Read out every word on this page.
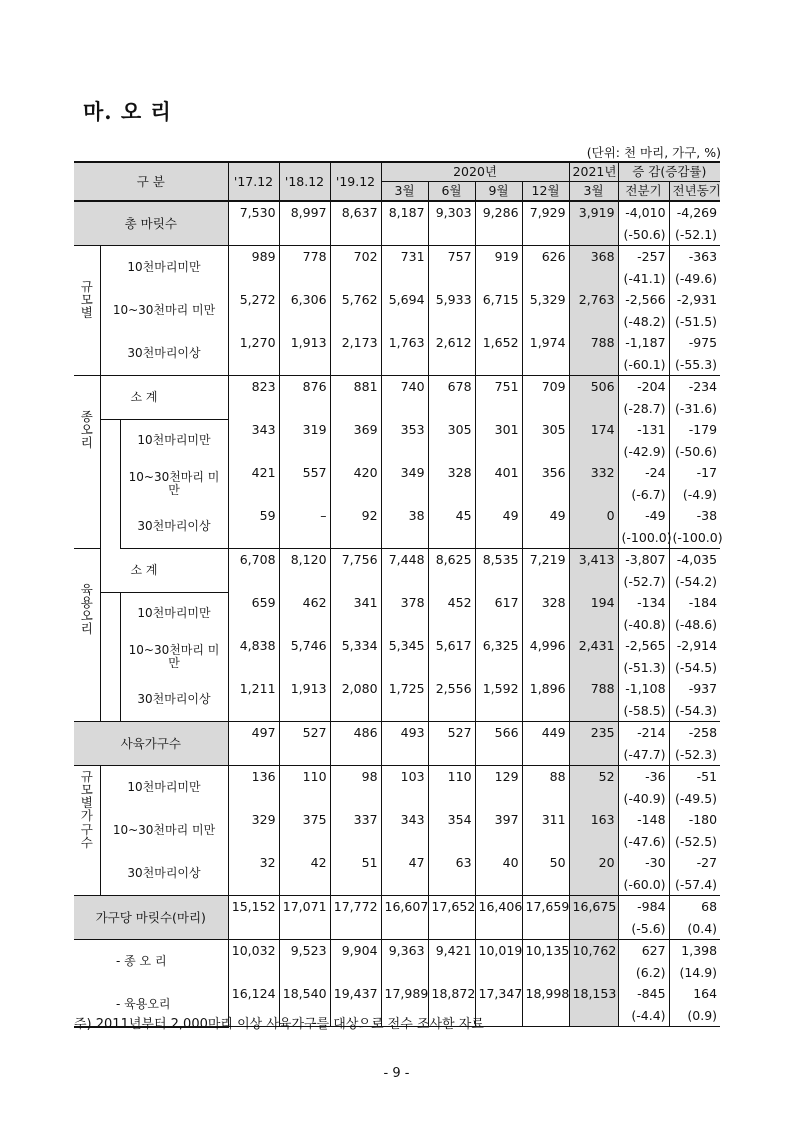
마. 오 리
(단위: 천 마리, 가구, %)
구 분			'17.12	'18.12	'19.12	2020년				2021년	증 감(증감률)	
						3월	6월	9월	12월	3월	전분기	전년동기
총 마릿수			7,530	8,997	8,637	8,187	9,303	9,286	7,929	3,919	-4,010	-4,269
											(-50.6)	(-52.1)
규 모 별	10천마리미만		989	778	702	731	757	919	626	368	-257	-363
											(-41.1)	(-49.6)
	10~30천마리 미만		5,272	6,306	5,762	5,694	5,933	6,715	5,329	2,763	-2,566	-2,931
											(-48.2)	(-51.5)
	30천마리이상		1,270	1,913	2,173	1,763	2,612	1,652	1,974	788	-1,187	-975
											(-60.1)	(-55.3)
종 오 리	소 계		823	876	881	740	678	751	709	506	-204	-234
											(-28.7)	(-31.6)
		10천마리미만	343	319	369	353	305	301	305	174	-131	-179
											(-42.9)	(-50.6)
		10~30천마리 미만	421	557	420	349	328	401	356	332	-24	-17
											(-6.7)	(-4.9)
		30천마리이상	59	–	92	38	45	49	49	0	-49	-38
											(-100.0)	(-100.0)
육 용 오 리	소 계		6,708	8,120	7,756	7,448	8,625	8,535	7,219	3,413	-3,807	-4,035
											(-52.7)	(-54.2)
		10천마리미만	659	462	341	378	452	617	328	194	-134	-184
											(-40.8)	(-48.6)
		10~30천마리 미만	4,838	5,746	5,334	5,345	5,617	6,325	4,996	2,431	-2,565	-2,914
											(-51.3)	(-54.5)
		30천마리이상	1,211	1,913	2,080	1,725	2,556	1,592	1,896	788	-1,108	-937
											(-58.5)	(-54.3)
사육가구수			497	527	486	493	527	566	449	235	-214	-258
											(-47.7)	(-52.3)
규 모 별 가 구 수	10천마리미만		136	110	98	103	110	129	88	52	-36	-51
											(-40.9)	(-49.5)
	10~30천마리 미만		329	375	337	343	354	397	311	163	-148	-180
											(-47.6)	(-52.5)
	30천마리이상		32	42	51	47	63	40	50	20	-30	-27
											(-60.0)	(-57.4)
가구당 마릿수(마리)			15,152	17,071	17,772	16,607	17,652	16,406	17,659	16,675	-984	68
											(-5.6)	(0.4)
- 종 오 리			10,032	9,523	9,904	9,363	9,421	10,019	10,135	10,762	627	1,398
											(6.2)	(14.9)
- 육용오리			16,124	18,540	19,437	17,989	18,872	17,347	18,998	18,153	-845	164
											(-4.4)	(0.9)
주) 2011년부터 2,000마리 이상 사육가구를 대상으로 전수 조사한 자료
- 9 -
